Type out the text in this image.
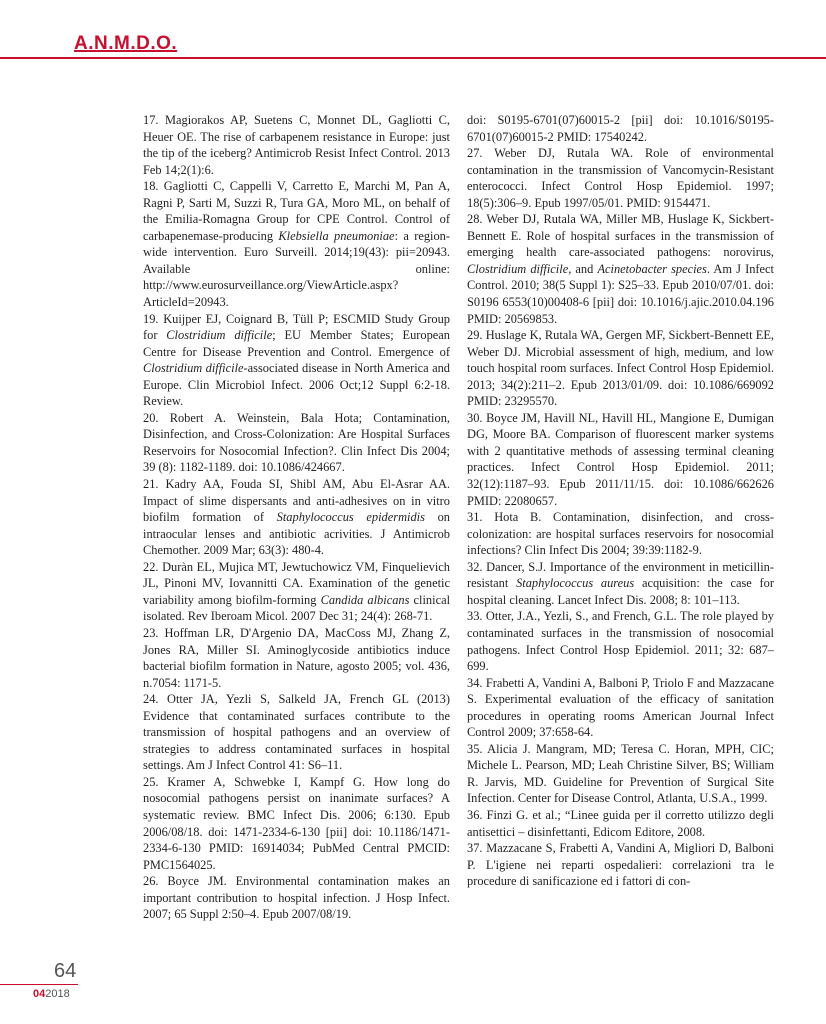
A.N.M.D.O.

17. Magiorakos AP, Suetens C, Monnet DL, Gagliotti C, Heuer OE. The rise of carbapenem resistance in Europe: just the tip of the iceberg? Antimicrob Resist Infect Control. 2013 Feb 14;2(1):6.

18. Gagliotti C, Cappelli V, Carretto E, Marchi M, Pan A, Ragni P, Sarti M, Suzzi R, Tura GA, Moro ML, on behalf of the Emilia-Romagna Group for CPE Control. Control of carbapenemase-producing Klebsiella pneumoniae: a region-wide intervention. Euro Surveill. 2014;19(43): pii=20943. Available online: http://www.eurosurveillance.org/ViewArticle.aspx?ArticleId=20943.

19. Kuijper EJ, Coignard B, Tüll P; ESCMID Study Group for Clostridium difficile; EU Member States; European Centre for Disease Prevention and Control. Emergence of Clostridium difficile-associated disease in North America and Europe. Clin Microbiol Infect. 2006 Oct;12 Suppl 6:2-18. Review.

20. Robert A. Weinstein, Bala Hota; Contamination, Disinfection, and Cross-Colonization: Are Hospital Surfaces Reservoirs for Nosocomial Infection?. Clin Infect Dis 2004; 39 (8): 1182-1189. doi: 10.1086/424667.

21. Kadry AA, Fouda SI, Shibl AM, Abu El-Asrar AA. Impact of slime dispersants and anti-adhesives on in vitro biofilm formation of Staphylococcus epidermidis on intraocular lenses and antibiotic acrivities. J Antimicrob Chemother. 2009 Mar; 63(3): 480-4.

22. Duràn EL, Mujica MT, Jewtuchowicz VM, Finquelievich JL, Pinoni MV, Iovannitti CA. Examination of the genetic variability among biofilm-forming Candida albicans clinical isolated. Rev Iberoam Micol. 2007 Dec 31; 24(4): 268-71.

23. Hoffman LR, D'Argenio DA, MacCoss MJ, Zhang Z, Jones RA, Miller SI. Aminoglycoside antibiotics induce bacterial biofilm formation in Nature, agosto 2005; vol. 436, n.7054: 1171-5.

24. Otter JA, Yezli S, Salkeld JA, French GL (2013) Evidence that contaminated surfaces contribute to the transmission of hospital pathogens and an overview of strategies to address contaminated surfaces in hospital settings. Am J Infect Control 41: S6–11.

25. Kramer A, Schwebke I, Kampf G. How long do nosocomial pathogens persist on inanimate surfaces? A systematic review. BMC Infect Dis. 2006; 6:130. Epub 2006/08/18. doi: 1471-2334-6-130 [pii] doi: 10.1186/1471-2334-6-130 PMID: 16914034; PubMed Central PMCID: PMC1564025.

26. Boyce JM. Environmental contamination makes an important contribution to hospital infection. J Hosp Infect. 2007; 65 Suppl 2:50–4. Epub 2007/08/19.

doi: S0195-6701(07)60015-2 [pii] doi: 10.1016/S0195-6701(07)60015-2 PMID: 17540242.

27. Weber DJ, Rutala WA. Role of environmental contamination in the transmission of Vancomycin-Resistant enterococci. Infect Control Hosp Epidemiol. 1997; 18(5):306–9. Epub 1997/05/01. PMID: 9154471.

28. Weber DJ, Rutala WA, Miller MB, Huslage K, Sickbert-Bennett E. Role of hospital surfaces in the transmission of emerging health care-associated pathogens: norovirus, Clostridium difficile, and Acinetobacter species. Am J Infect Control. 2010; 38(5 Suppl 1): S25–33. Epub 2010/07/01. doi: S0196 6553(10)00408-6 [pii] doi: 10.1016/j.ajic.2010.04.196 PMID: 20569853.

29. Huslage K, Rutala WA, Gergen MF, Sickbert-Bennett EE, Weber DJ. Microbial assessment of high, medium, and low touch hospital room surfaces. Infect Control Hosp Epidemiol. 2013; 34(2):211–2. Epub 2013/01/09. doi: 10.1086/669092 PMID: 23295570.

30. Boyce JM, Havill NL, Havill HL, Mangione E, Dumigan DG, Moore BA. Comparison of fluorescent marker systems with 2 quantitative methods of assessing terminal cleaning practices. Infect Control Hosp Epidemiol. 2011; 32(12):1187–93. Epub 2011/11/15. doi: 10.1086/662626 PMID: 22080657.

31. Hota B. Contamination, disinfection, and cross-colonization: are hospital surfaces reservoirs for nosocomial infections? Clin Infect Dis 2004; 39:39:1182-9.

32. Dancer, S.J. Importance of the environment in meticillin-resistant Staphylococcus aureus acquisition: the case for hospital cleaning. Lancet Infect Dis. 2008; 8: 101–113.

33. Otter, J.A., Yezli, S., and French, G.L. The role played by contaminated surfaces in the transmission of nosocomial pathogens. Infect Control Hosp Epidemiol. 2011; 32: 687–699.

34. Frabetti A, Vandini A, Balboni P, Triolo F and Mazzacane S. Experimental evaluation of the efficacy of sanitation procedures in operating rooms American Journal Infect Control 2009; 37:658-64.

35. Alicia J. Mangram, MD; Teresa C. Horan, MPH, CIC; Michele L. Pearson, MD; Leah Christine Silver, BS; William R. Jarvis, MD. Guideline for Prevention of Surgical Site Infection. Center for Disease Control, Atlanta, U.S.A., 1999.

36. Finzi G. et al.; “Linee guida per il corretto utilizzo degli antisettici – disinfettanti, Edicom Editore, 2008.

37. Mazzacane S, Frabetti A, Vandini A, Migliori D, Balboni P. L'igiene nei reparti ospedalieri: correlazioni tra le procedure di sanificazione ed i fattori di con-

64
042018
